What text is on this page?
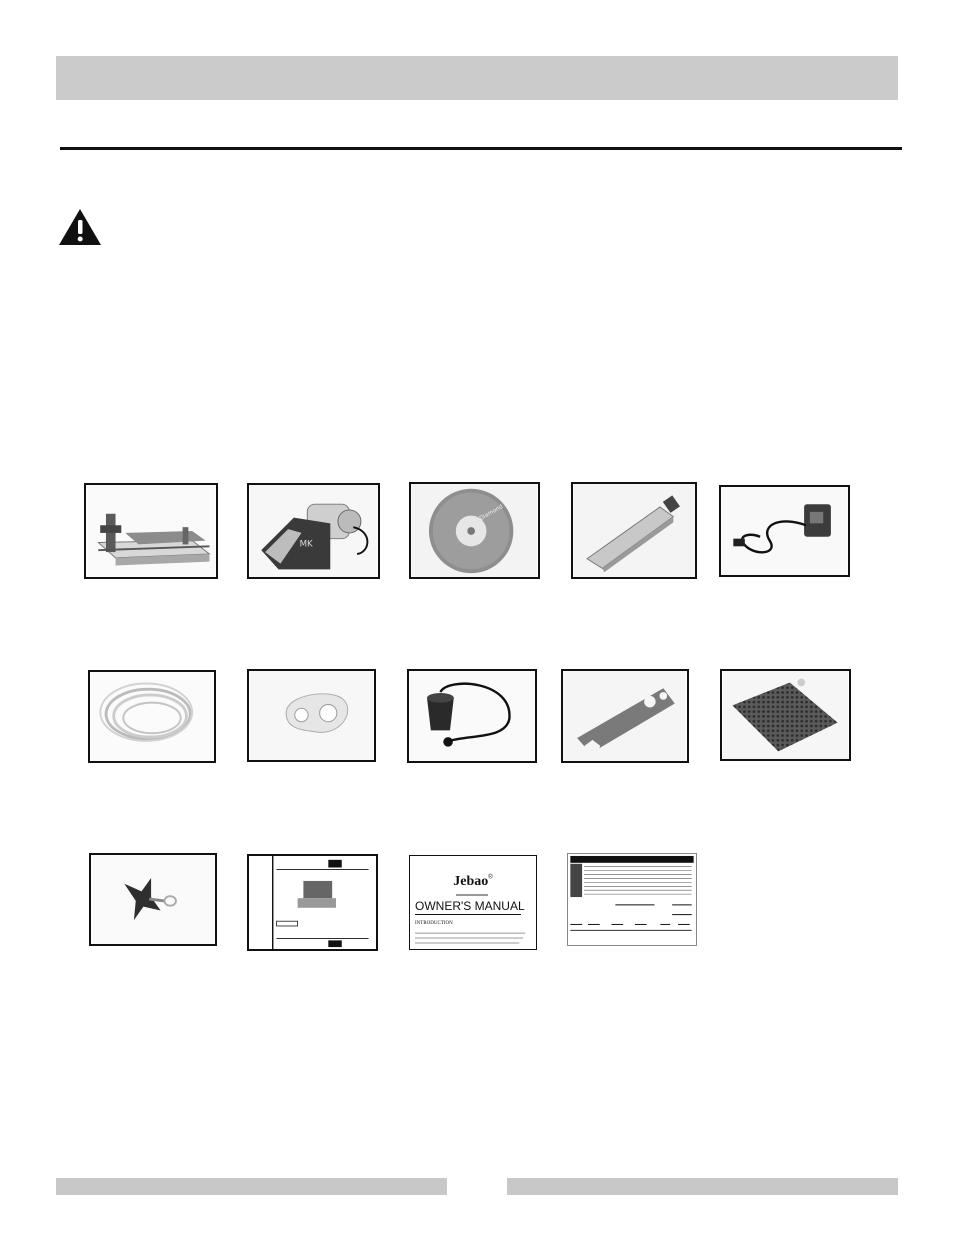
MK
Diamond
Jebao®
OWNER'S MANUAL
INTRODUCTION
